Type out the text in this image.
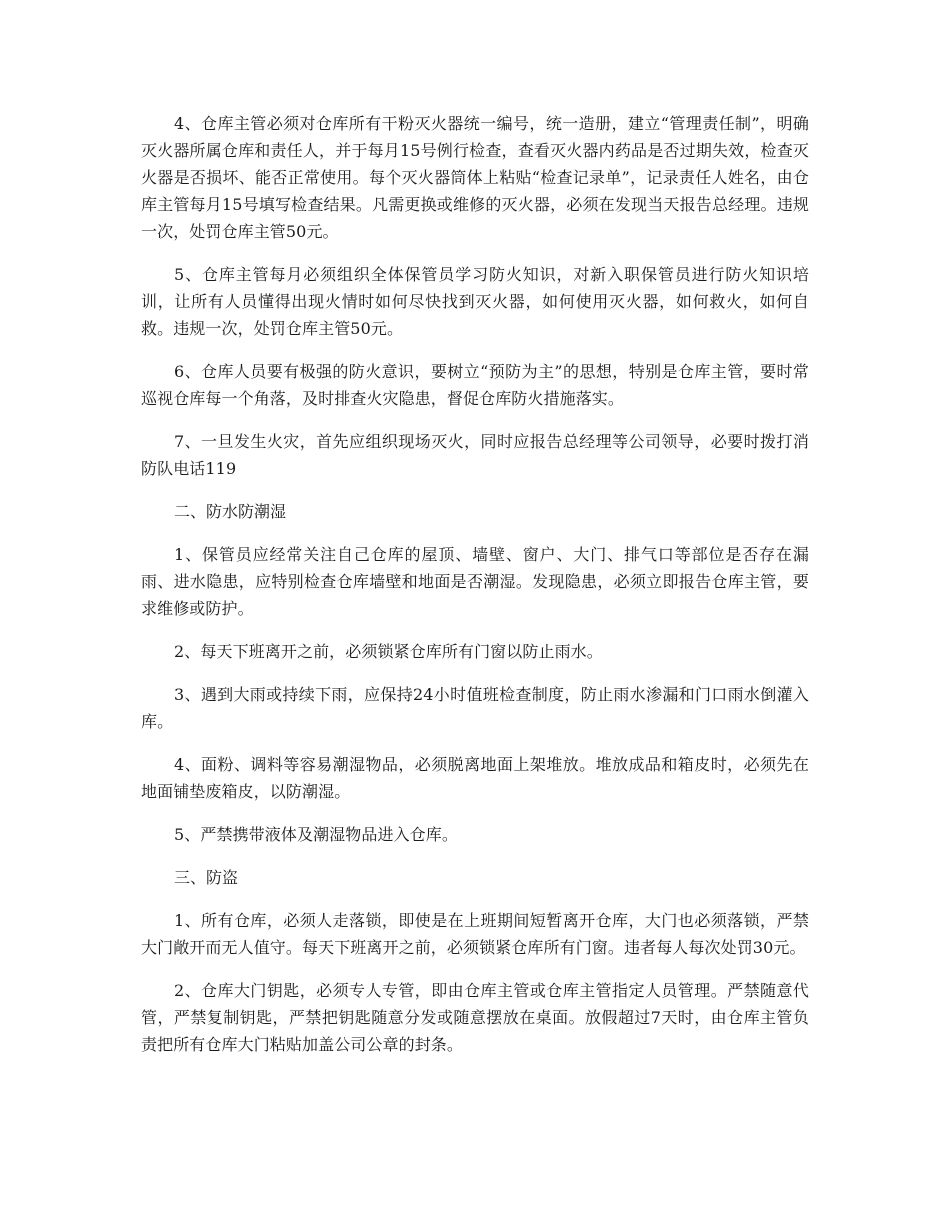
4、仓库主管必须对仓库所有干粉灭火器统一编号，统一造册，建立“管理责任制”，明确灭火器所属仓库和责任人，并于每月15号例行检查，查看灭火器内药品是否过期失效，检查灭火器是否损坏、能否正常使用。每个灭火器筒体上粘贴“检查记录单”，记录责任人姓名，由仓库主管每月15号填写检查结果。凡需更换或维修的灭火器，必须在发现当天报告总经理。违规一次，处罚仓库主管50元。

5、仓库主管每月必须组织全体保管员学习防火知识，对新入职保管员进行防火知识培训，让所有人员懂得出现火情时如何尽快找到灭火器，如何使用灭火器，如何救火，如何自救。违规一次，处罚仓库主管50元。

6、仓库人员要有极强的防火意识，要树立“预防为主”的思想，特别是仓库主管，要时常巡视仓库每一个角落，及时排查火灾隐患，督促仓库防火措施落实。

7、一旦发生火灾，首先应组织现场灭火，同时应报告总经理等公司领导，必要时拨打消防队电话119

二、防水防潮湿

1、保管员应经常关注自己仓库的屋顶、墙壁、窗户、大门、排气口等部位是否存在漏雨、进水隐患，应特别检查仓库墙壁和地面是否潮湿。发现隐患，必须立即报告仓库主管，要求维修或防护。

2、每天下班离开之前，必须锁紧仓库所有门窗以防止雨水。

3、遇到大雨或持续下雨，应保持24小时值班检查制度，防止雨水渗漏和门口雨水倒灌入库。

4、面粉、调料等容易潮湿物品，必须脱离地面上架堆放。堆放成品和箱皮时，必须先在地面铺垫废箱皮，以防潮湿。

5、严禁携带液体及潮湿物品进入仓库。

三、防盗

1、所有仓库，必须人走落锁，即使是在上班期间短暂离开仓库，大门也必须落锁，严禁大门敞开而无人值守。每天下班离开之前，必须锁紧仓库所有门窗。违者每人每次处罚30元。

2、仓库大门钥匙，必须专人专管，即由仓库主管或仓库主管指定人员管理。严禁随意代管，严禁复制钥匙，严禁把钥匙随意分发或随意摆放在桌面。放假超过7天时，由仓库主管负责把所有仓库大门粘贴加盖公司公章的封条。
